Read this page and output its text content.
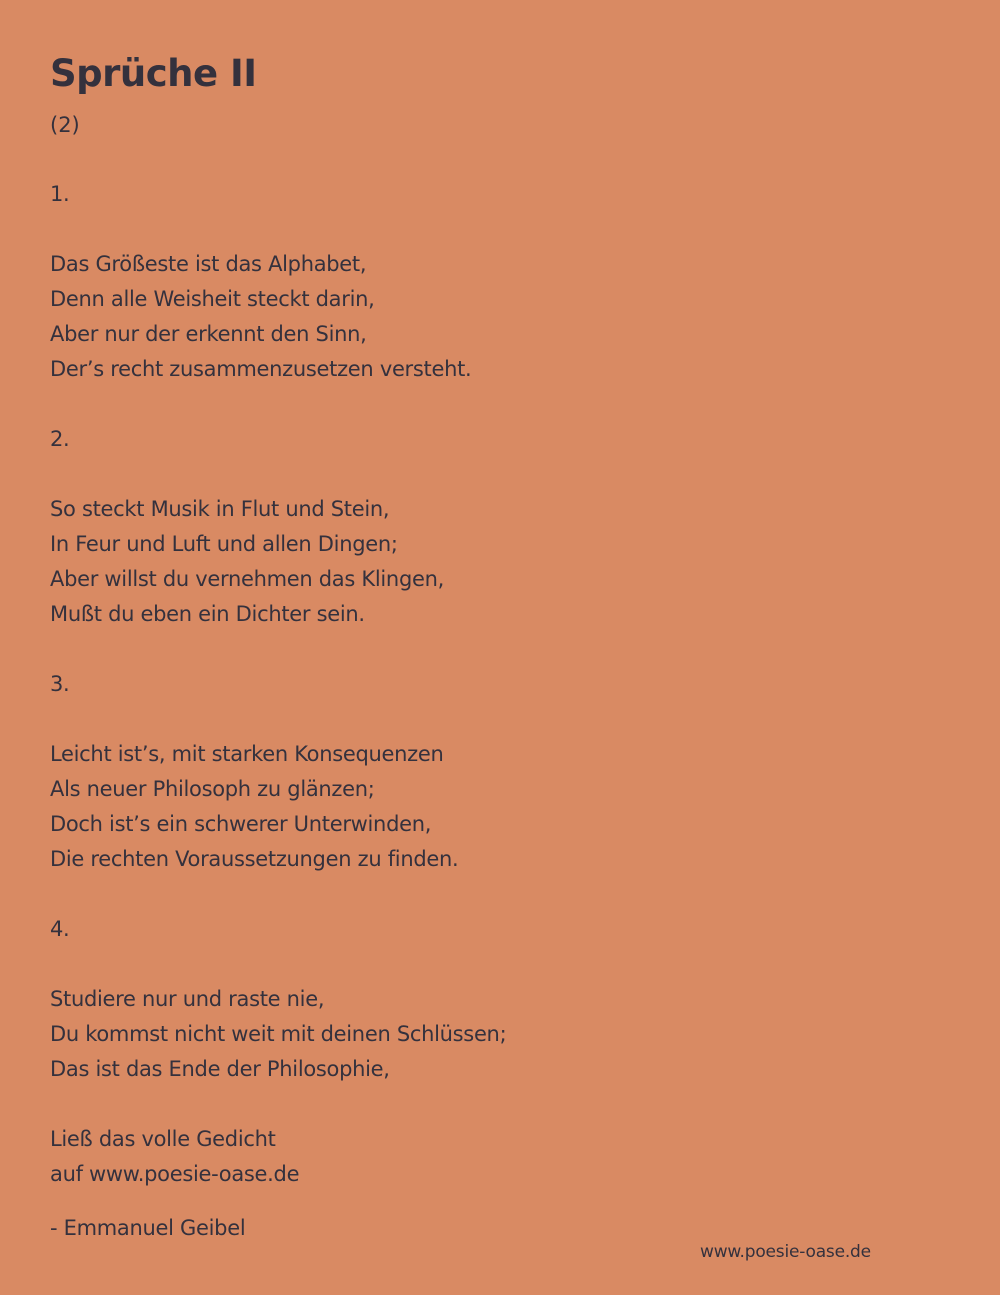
Sprüche II
(2)
1.
Das Größeste ist das Alphabet,
Denn alle Weisheit steckt darin,
Aber nur der erkennt den Sinn,
Der’s recht zusammenzusetzen versteht.
2.
So steckt Musik in Flut und Stein,
In Feur und Luft und allen Dingen;
Aber willst du vernehmen das Klingen,
Mußt du eben ein Dichter sein.
3.
Leicht ist’s, mit starken Konsequenzen
Als neuer Philosoph zu glänzen;
Doch ist’s ein schwerer Unterwinden,
Die rechten Voraussetzungen zu finden.
4.
Studiere nur und raste nie,
Du kommst nicht weit mit deinen Schlüssen;
Das ist das Ende der Philosophie,
Ließ das volle Gedicht
auf www.poesie-oase.de
- Emmanuel Geibel
www.poesie-oase.de
